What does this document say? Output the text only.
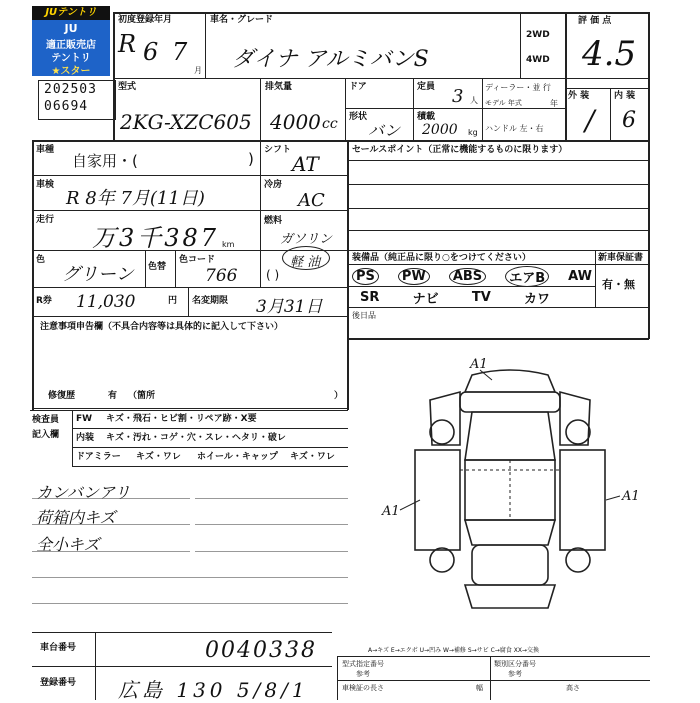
JUテントリ
JU
適正販売店
テントリ
★スター
202503
06694
初度登録年月
R 6 7
月
車名・グレード
ダイナ アルミバンS
2WD
4WD
評 価 点
4.5
型式
2KG-XZC605
排気量
4000 cc
ドア	定員 3 人
ディーラー・並 行
モデル 年式	年
形状
バン
積載
2000 kg ハンドル 左・右
外 装	内 装
/ 6
車種
自家用・(	) シフト
AT
車検
R 8年 7月(11日)
冷房
AC
走行
万3千387 km
燃料
ガソリン
軽 油
( )
色
グリーン 色替
色コード
766
R券 11,030	円 名変期限 3月31日
注意事項申告欄（不具合内容等は具体的に記入して下さい）
修復歴	有 （箇所	）
セールスポイント（正常に機能するものに限ります）
装備品（純正品に限り○をつけてください）	新車保証書
有・無
PS	PW	ABS	エアB	AW
SR	ナビ	TV	カワ
後日品
検査員
記入欄
FW キズ・飛石・ヒビ割・リペア跡・X要
内装 キズ・汚れ・コゲ・穴・スレ・ヘタリ・破レ
ドアミラー キズ・ワレ ホイール・キャップ キズ・ワレ
カンバンアリ
荷箱内キズ
全小キズ
A1
A1
A1
車台番号	0040338
登録番号 広島 130 5/8/1
A→キズ E→エクボ U→凹み W→補修 S→サビ C→腐食 XX→交換
型式指定番号
参考
類別区分番号
参考
車検証の長さ	幅	高さ
